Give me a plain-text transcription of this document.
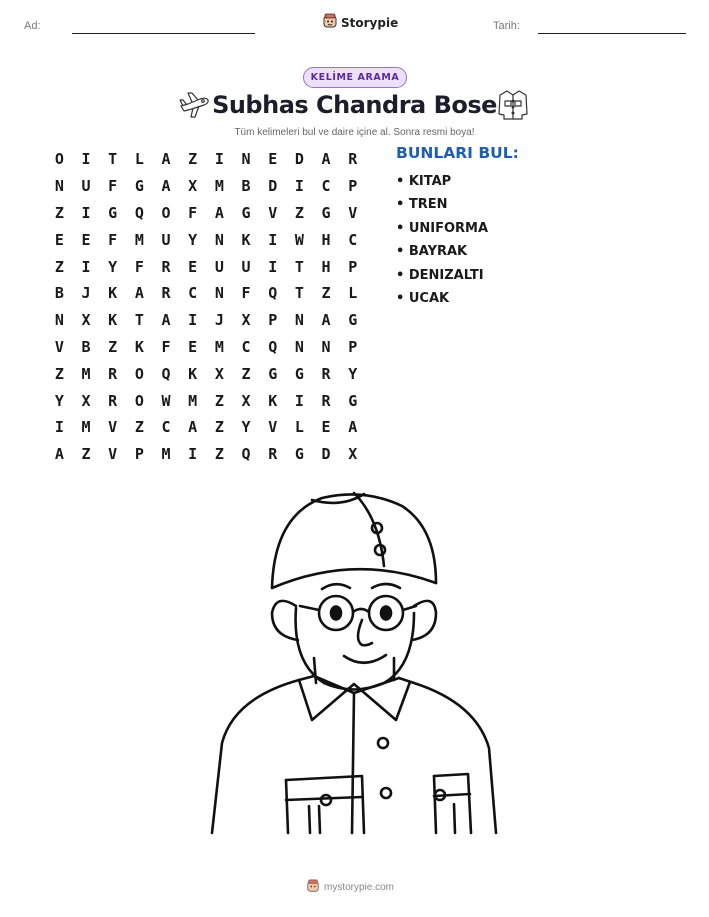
Ad:	Storypie	Tarih:
KELİME ARAMA
Subhas Chandra Bose
Tüm kelimeleri bul ve daire içine al. Sonra resmi boya!
O	I	T	L	A	Z	I	N	E	D	A	R
N	U	F	G	A	X	M	B	D	I	C	P
Z	I	G	Q	O	F	A	G	V	Z	G	V
E	E	F	M	U	Y	N	K	I	W	H	C
Z	I	Y	F	R	E	U	U	I	T	H	P
B	J	K	A	R	C	N	F	Q	T	Z	L
N	X	K	T	A	I	J	X	P	N	A	G
V	B	Z	K	F	E	M	C	Q	N	N	P
Z	M	R	O	Q	K	X	Z	G	G	R	Y
Y	X	R	O	W	M	Z	X	K	I	R	G
I	M	V	Z	C	A	Z	Y	V	L	E	A
A	Z	V	P	M	I	Z	Q	R	G	D	X
BUNLARI BUL:
• KITAP
• TREN
• UNIFORMA
• BAYRAK
• DENIZALTI
• UCAK
mystorypie.com
